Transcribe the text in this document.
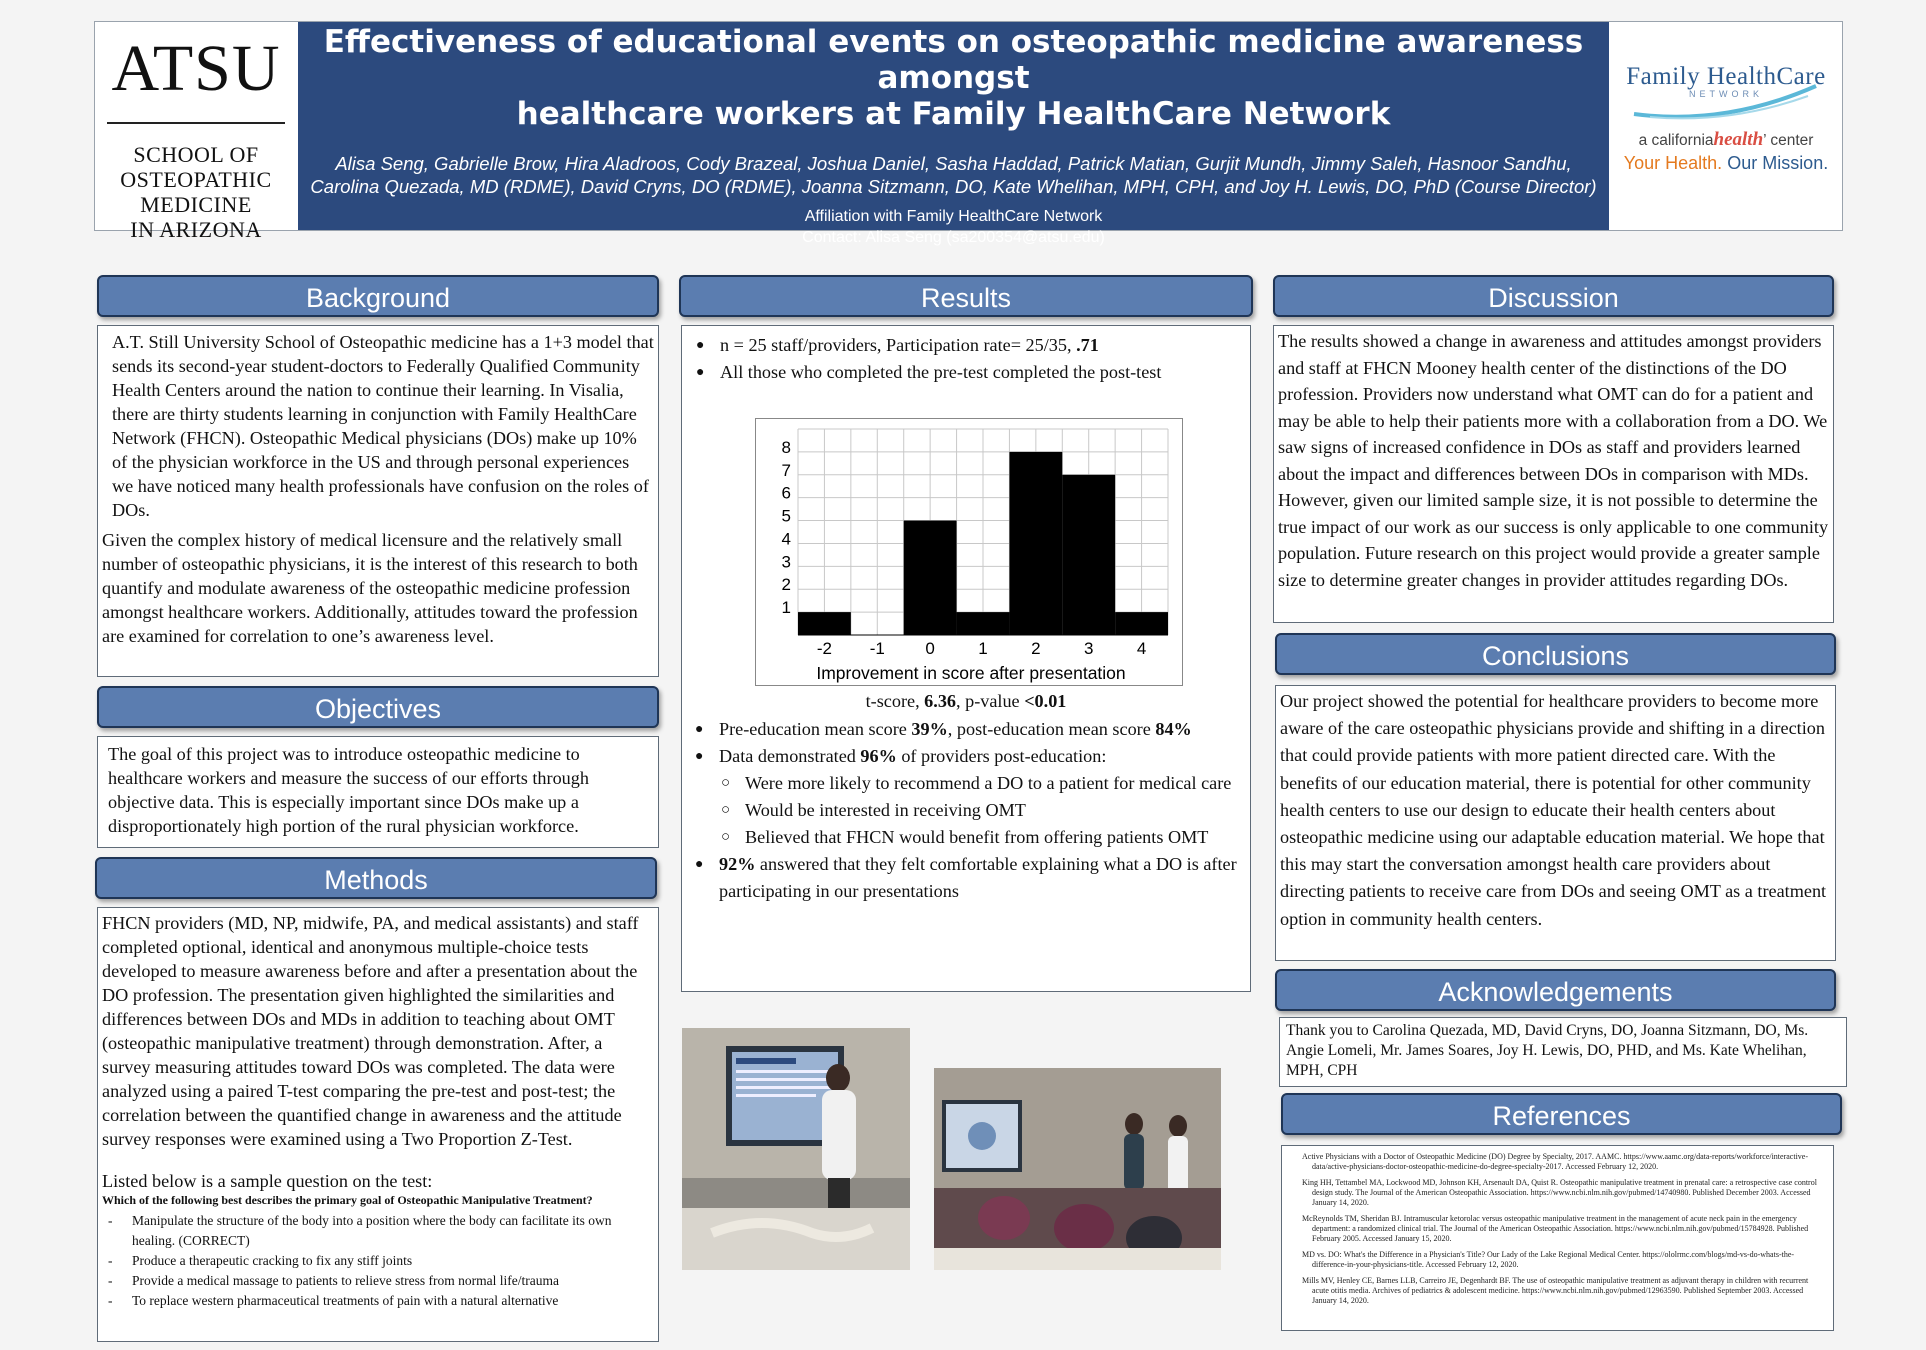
ATSU
SCHOOL OF
OSTEOPATHIC
MEDICINE
IN ARIZONA
Effectiveness of educational events on osteopathic medicine awareness amongst
healthcare workers at Family HealthCare Network
Alisa Seng, Gabrielle Brow, Hira Aladroos, Cody Brazeal, Joshua Daniel, Sasha Haddad, Patrick Matian, Gurjit Mundh, Jimmy Saleh, Hasnoor Sandhu,
Carolina Quezada, MD (RDME), David Cryns, DO (RDME), Joanna Sitzmann, DO, Kate Whelihan, MPH, CPH, and Joy H. Lewis, DO, PhD (Course Director)
Affiliation with Family HealthCare Network
Contact: Alisa Seng (sa200354@atsu.edu)
Family HealthCare
NETWORK
a californiahealth’ center
Your Health. Our Mission.
Background

A.T. Still University School of Osteopathic medicine has a 1+3 model that sends its second-year student-doctors to Federally Qualified Community Health Centers around the nation to continue their learning. In Visalia, there are thirty students learning in conjunction with Family HealthCare Network (FHCN). Osteopathic Medical physicians (DOs) make up 10% of the physician workforce in the US and through personal experiences we have noticed many health professionals have confusion on the roles of DOs.

Given the complex history of medical licensure and the relatively small number of osteopathic physicians, it is the interest of this research to both quantify and modulate awareness of the osteopathic medicine profession amongst healthcare workers. Additionally, attitudes toward the profession are examined for correlation to one’s awareness level.

Objectives

The goal of this project was to introduce osteopathic medicine to healthcare workers and measure the success of our efforts through objective data. This is especially important since DOs make up a disproportionately high portion of the rural physician workforce.

Methods

FHCN providers (MD, NP, midwife, PA, and medical assistants) and staff completed optional, identical and anonymous multiple-choice tests developed to measure awareness before and after a presentation about the DO profession. The presentation given highlighted the similarities and differences between DOs and MDs in addition to teaching about OMT (osteopathic manipulative treatment) through demonstration. After, a survey measuring attitudes toward DOs was completed. The data were analyzed using a paired T-test comparing the pre-test and post-test; the correlation between the quantified change in awareness and the attitude survey responses were examined using a Two Proportion Z-Test.

Listed below is a sample question on the test:

Which of the following best describes the primary goal of Osteopathic Manipulative Treatment?
-	Manipulate the structure of the body into a position where the body can facilitate its own healing. (CORRECT)
-	Produce a therapeutic cracking to fix any stiff joints
-	Provide a medical massage to patients to relieve stress from normal life/trauma
-	To replace western pharmaceutical treatments of pain with a natural alternative
Results
● n = 25 staff/providers, Participation rate= 25/35, .71
● All those who completed the pre-test completed the post-test
1
2
3
4
5
6
7
8
-2 -1 0	1	2	3	4
Improvement in score after presentation
t-score, 6.36, p-value <0.01
● Pre-education mean score 39%, post-education mean score 84%
● Data demonstrated 96% of providers post-education:
○ Were more likely to recommend a DO to a patient for medical care
○ Would be interested in receiving OMT
○ Believed that FHCN would benefit from offering patients OMT
● 92% answered that they felt comfortable explaining what a DO is after participating in our presentations
Discussion

The results showed a change in awareness and attitudes amongst providers and staff at FHCN Mooney health center of the distinctions of the DO profession. Providers now understand what OMT can do for a patient and may be able to help their patients more with a collaboration from a DO. We saw signs of increased confidence in DOs as staff and providers learned about the impact and differences between DOs in comparison with MDs. However, given our limited sample size, it is not possible to determine the true impact of our work as our success is only applicable to one community population. Future research on this project would provide a greater sample size to determine greater changes in provider attitudes regarding DOs.

Conclusions

Our project showed the potential for healthcare providers to become more aware of the care osteopathic physicians provide and shifting in a direction that could provide patients with more patient directed care. With the benefits of our education material, there is potential for other community health centers to use our design to educate their health centers about osteopathic medicine using our adaptable education material. We hope that this may start the conversation amongst health care providers about directing patients to receive care from DOs and seeing OMT as a treatment option in community health centers.

Acknowledgements

Thank you to Carolina Quezada, MD, David Cryns, DO, Joanna Sitzmann, DO, Ms. Angie Lomeli, Mr. James Soares, Joy H. Lewis, DO, PHD, and Ms. Kate Whelihan, MPH, CPH

References

Active Physicians with a Doctor of Osteopathic Medicine (DO) Degree by Specialty, 2017. AAMC. https://www.aamc.org/data-reports/workforce/interactive-data/active-physicians-doctor-osteopathic-medicine-do-degree-specialty-2017. Accessed February 12, 2020.

King HH, Tettambel MA, Lockwood MD, Johnson KH, Arsenault DA, Quist R. Osteopathic manipulative treatment in prenatal care: a retrospective case control design study. The Journal of the American Osteopathic Association. https://www.ncbi.nlm.nih.gov/pubmed/14740980. Published December 2003. Accessed January 14, 2020.

McReynolds TM, Sheridan BJ. Intramuscular ketorolac versus osteopathic manipulative treatment in the management of acute neck pain in the emergency department: a randomized clinical trial. The Journal of the American Osteopathic Association. https://www.ncbi.nlm.nih.gov/pubmed/15784928. Published February 2005. Accessed January 15, 2020.

MD vs. DO: What's the Difference in a Physician's Title? Our Lady of the Lake Regional Medical Center. https://ololrmc.com/blogs/md-vs-do-whats-the-difference-in-your-physicians-title. Accessed February 12, 2020.

Mills MV, Henley CE, Barnes LLB, Carreiro JE, Degenhardt BF. The use of osteopathic manipulative treatment as adjuvant therapy in children with recurrent acute otitis media. Archives of pediatrics & adolescent medicine. https://www.ncbi.nlm.nih.gov/pubmed/12963590. Published September 2003. Accessed January 14, 2020.
